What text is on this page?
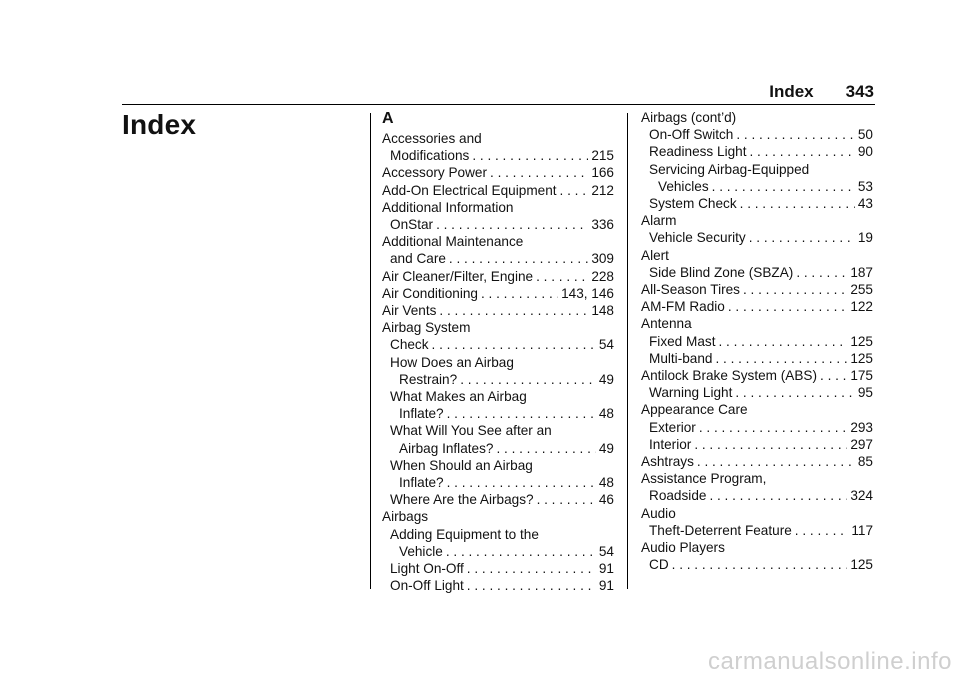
Index 343
Index	A
Accessories and
Modifications . . .	215
Accessory Power . . .	166
Add-On Electrical Equipment . . .	212
Additional Information
OnStar . . .	336
Additional Maintenance
and Care . . .	309
Air Cleaner/Filter, Engine . . .	228
Air Conditioning . . .	143, 146
Air Vents . . .	148
Airbag System
Check . . .	54
How Does an Airbag
Restrain? . . .	49
What Makes an Airbag
Inflate? . . .	48
What Will You See after an
Airbag Inflates? . . .	49
When Should an Airbag
Inflate? . . .	48
Where Are the Airbags? . . .	46
Airbags
Adding Equipment to the
Vehicle . . .	54
Light On-Off . . .	91
On-Off Light . . .	91
Airbags (cont’d)
On-Off Switch . . .	50
Readiness Light . . .	90
Servicing Airbag-Equipped
Vehicles . . .	53
System Check . . .	43
Alarm
Vehicle Security . . .	19
Alert
Side Blind Zone (SBZA) . . .	187
All-Season Tires . . .	255
AM-FM Radio . . .	122
Antenna
Fixed Mast . . .	125
Multi-band . . .	125
Antilock Brake System (ABS) . . . 175
Warning Light . . .	95
Appearance Care
Exterior . . .	293
Interior . . .	297
Ashtrays . . .	85
Assistance Program,
Roadside . . .	324
Audio
Theft-Deterrent Feature . . .	117
Audio Players
CD . . .	125
carmanualsonline.info
